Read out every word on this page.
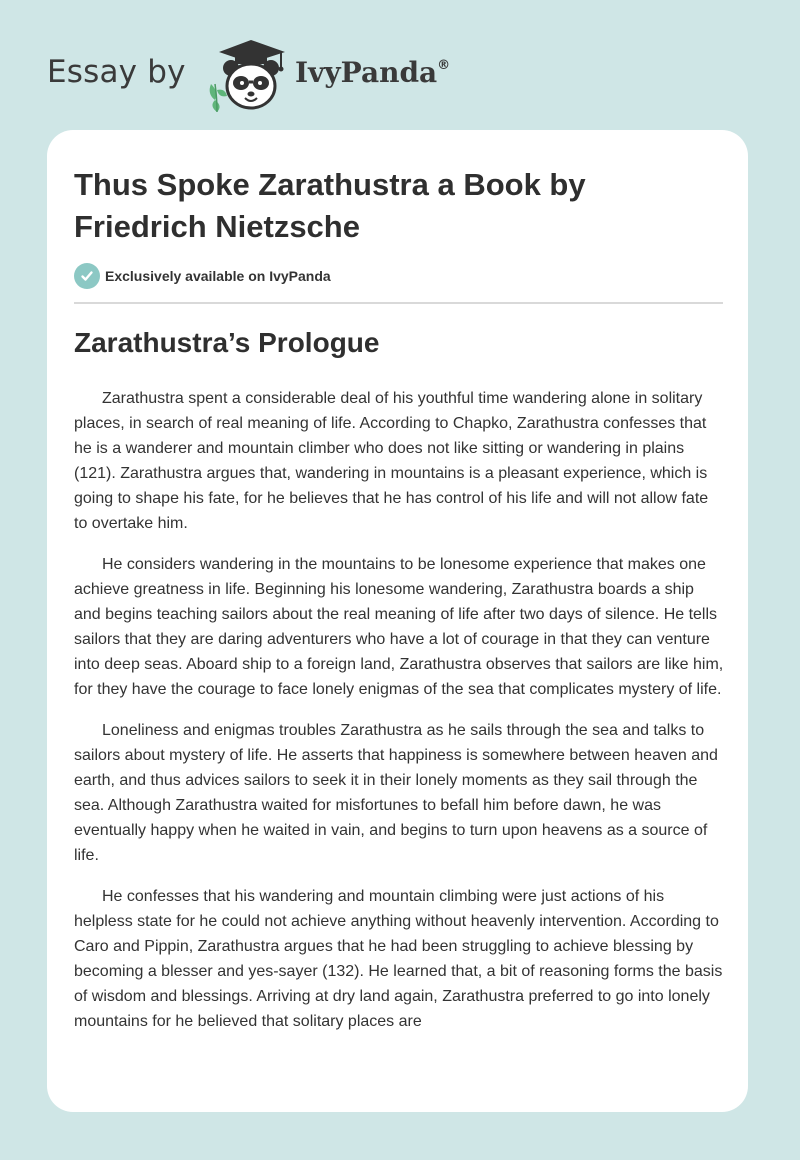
Essay by	IvyPanda®
Thus Spoke Zarathustra a Book by Friedrich Nietzsche
Exclusively available on IvyPanda
Zarathustra’s Prologue

Zarathustra spent a considerable deal of his youthful time wandering alone in solitary places, in search of real meaning of life. According to Chapko, Zarathustra confesses that he is a wanderer and mountain climber who does not like sitting or wandering in plains (121). Zarathustra argues that, wandering in mountains is a pleasant experience, which is going to shape his fate, for he believes that he has control of his life and will not allow fate to overtake him.

He considers wandering in the mountains to be lonesome experience that makes one achieve greatness in life. Beginning his lonesome wandering, Zarathustra boards a ship and begins teaching sailors about the real meaning of life after two days of silence. He tells sailors that they are daring adventurers who have a lot of courage in that they can venture into deep seas. Aboard ship to a foreign land, Zarathustra observes that sailors are like him, for they have the courage to face lonely enigmas of the sea that complicates mystery of life.

Loneliness and enigmas troubles Zarathustra as he sails through the sea and talks to sailors about mystery of life. He asserts that happiness is somewhere between heaven and earth, and thus advices sailors to seek it in their lonely moments as they sail through the sea. Although Zarathustra waited for misfortunes to befall him before dawn, he was eventually happy when he waited in vain, and begins to turn upon heavens as a source of life.

He confesses that his wandering and mountain climbing were just actions of his helpless state for he could not achieve anything without heavenly intervention. According to Caro and Pippin, Zarathustra argues that he had been struggling to achieve blessing by becoming a blesser and yes-sayer (132). He learned that, a bit of reasoning forms the basis of wisdom and blessings. Arriving at dry land again, Zarathustra preferred to go into lonely mountains for he believed that solitary places are
